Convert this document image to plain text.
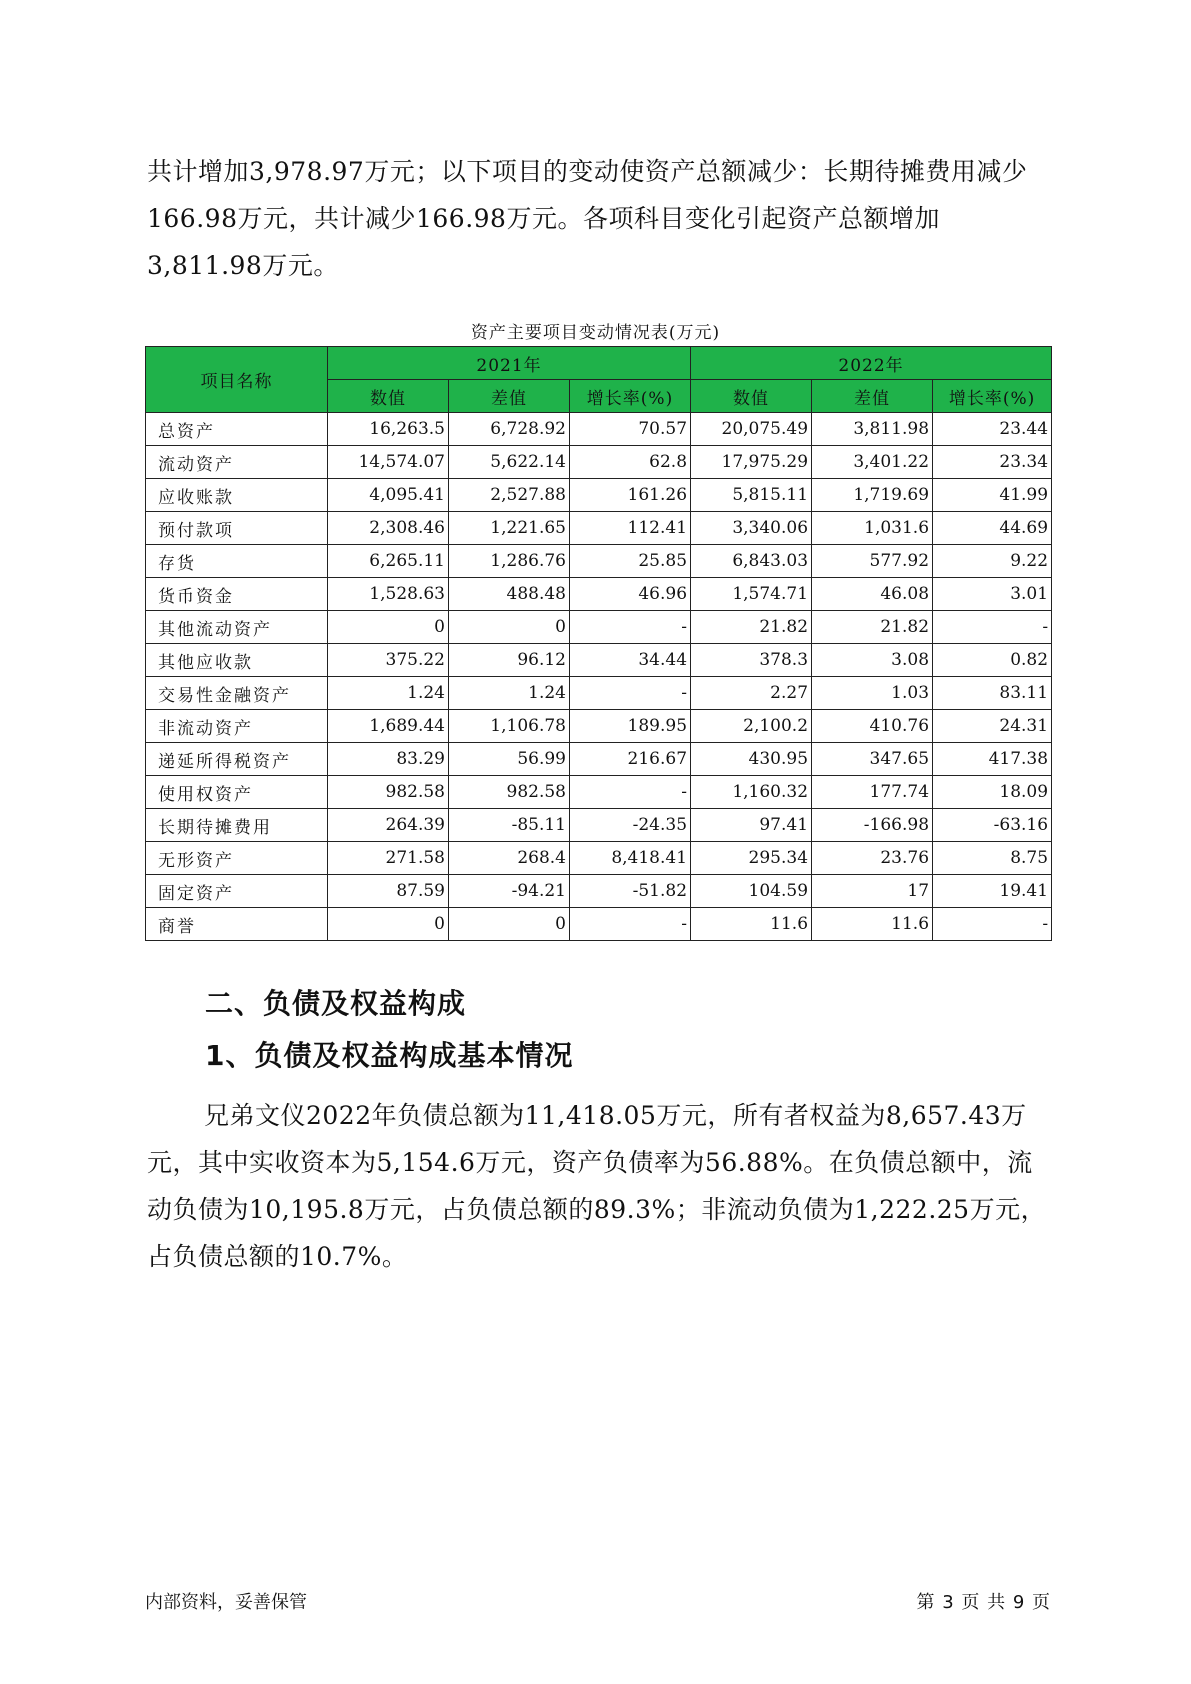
共计增加3,978.97万元；以下项目的变动使资产总额减少：长期待摊费用减少166.98万元，共计减少166.98万元。各项科目变化引起资产总额增加3,811.98万元。

资产主要项目变动情况表(万元)
项目名称	2021年			2022年		
	数值	差值	增长率(%)	数值	差值	增长率(%)
总资产	16,263.5	6,728.92	70.57	20,075.49	3,811.98	23.44
流动资产	14,574.07	5,622.14	62.8	17,975.29	3,401.22	23.34
应收账款	4,095.41	2,527.88	161.26	5,815.11	1,719.69	41.99
预付款项	2,308.46	1,221.65	112.41	3,340.06	1,031.6	44.69
存货	6,265.11	1,286.76	25.85	6,843.03	577.92	9.22
货币资金	1,528.63	488.48	46.96	1,574.71	46.08	3.01
其他流动资产	0	0	-	21.82	21.82	-
其他应收款	375.22	96.12	34.44	378.3	3.08	0.82
交易性金融资产	1.24	1.24	-	2.27	1.03	83.11
非流动资产	1,689.44	1,106.78	189.95	2,100.2	410.76	24.31
递延所得税资产	83.29	56.99	216.67	430.95	347.65	417.38
使用权资产	982.58	982.58	-	1,160.32	177.74	18.09
长期待摊费用	264.39	-85.11	-24.35	97.41	-166.98	-63.16
无形资产	271.58	268.4	8,418.41	295.34	23.76	8.75
固定资产	87.59	-94.21	-51.82	104.59	17	19.41
商誉	0	0	-	11.6	11.6	-
二、负债及权益构成
1、负债及权益构成基本情况

兄弟文仪2022年负债总额为11,418.05万元，所有者权益为8,657.43万元，其中实收资本为5,154.6万元，资产负债率为56.88%。在负债总额中，流动负债为10,195.8万元，占负债总额的89.3%；非流动负债为1,222.25万元，占负债总额的10.7%。

内部资料，妥善保管	第 3 页 共 9 页
